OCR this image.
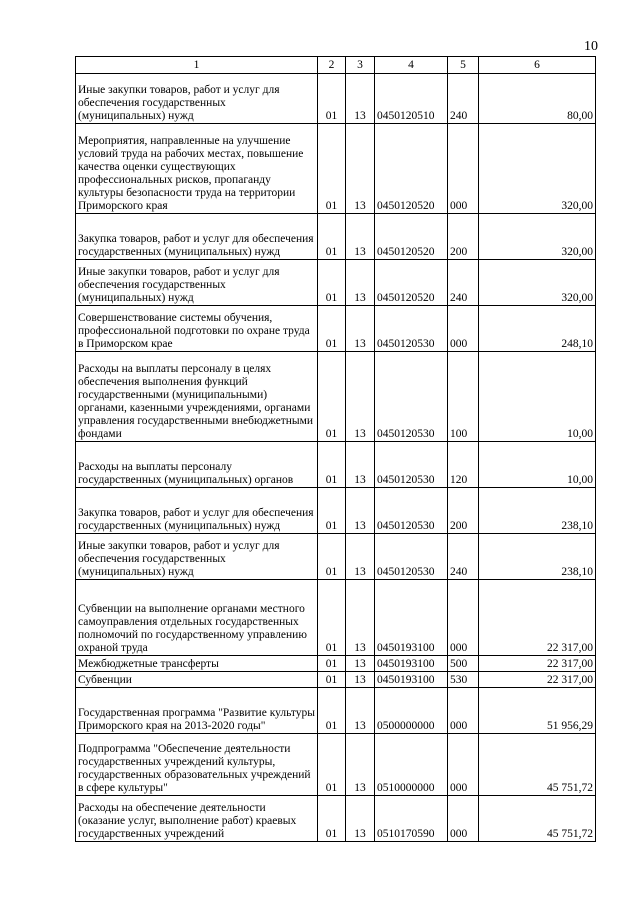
10
1	2	3	4	5	6
Иные закупки товаров, работ и услуг для обеспечения государственных (муниципальных) нужд	01	13	0450120510	240	80,00
Мероприятия, направленные на улучшение условий труда на рабочих местах, повышение качества оценки существующих профессиональных рисков, пропаганду культуры безопасности труда на территории Приморского края	01	13	0450120520	000	320,00
Закупка товаров, работ и услуг для обеспечения государственных (муниципальных) нужд	01	13	0450120520	200	320,00
Иные закупки товаров, работ и услуг для обеспечения государственных (муниципальных) нужд	01	13	0450120520	240	320,00
Совершенствование системы обучения, профессиональной подготовки по охране труда в Приморском крае	01	13	0450120530	000	248,10
Расходы на выплаты персоналу в целях обеспечения выполнения функций государственными (муниципальными) органами, казенными учреждениями, органами управления государственными внебюджетными фондами	01	13	0450120530	100	10,00
Расходы на выплаты персоналу государственных (муниципальных) органов	01	13	0450120530	120	10,00
Закупка товаров, работ и услуг для обеспечения государственных (муниципальных) нужд	01	13	0450120530	200	238,10
Иные закупки товаров, работ и услуг для обеспечения государственных (муниципальных) нужд	01	13	0450120530	240	238,10
Субвенции на выполнение органами местного самоуправления отдельных государственных полномочий по государственному управлению охраной труда	01	13	0450193100	000	22 317,00
Межбюджетные трансферты	01	13	0450193100	500	22 317,00
Субвенции	01	13	0450193100	530	22 317,00
Государственная программа "Развитие культуры Приморского края на 2013-2020 годы"	01	13	0500000000	000	51 956,29
Подпрограмма "Обеспечение деятельности государственных учреждений культуры, государственных образовательных учреждений в сфере культуры"	01	13	0510000000	000	45 751,72
Расходы на обеспечение деятельности (оказание услуг, выполнение работ) краевых государственных учреждений	01	13	0510170590	000	45 751,72
